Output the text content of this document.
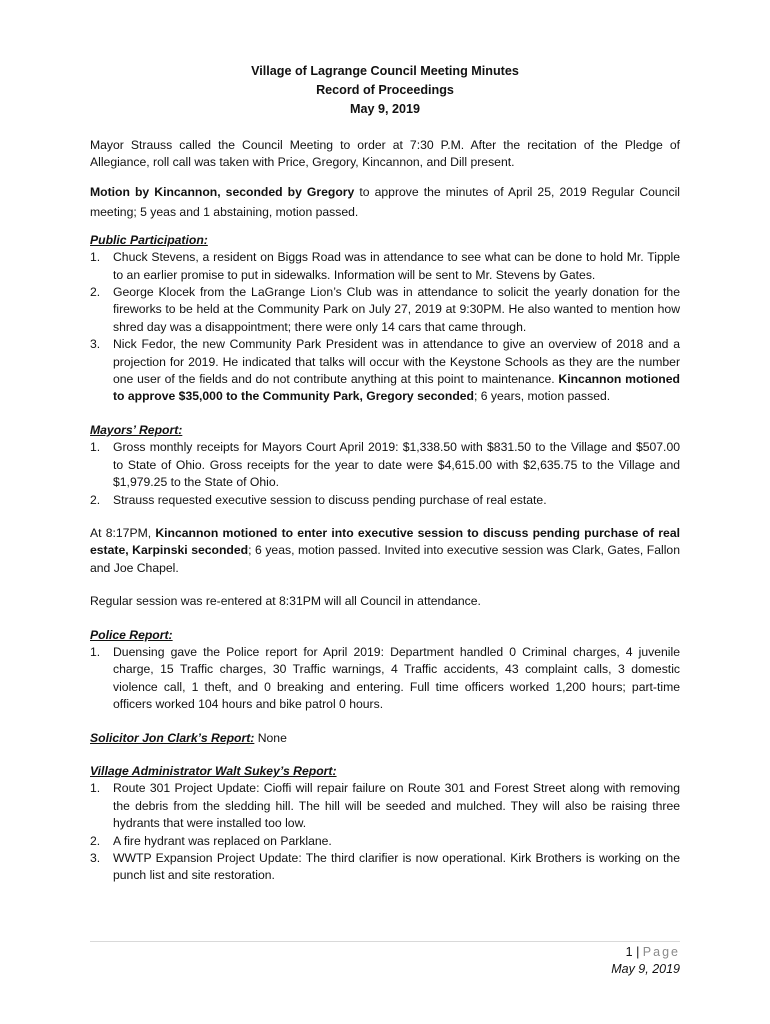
Village of Lagrange Council Meeting Minutes
Record of Proceedings
May 9, 2019

Mayor Strauss called the Council Meeting to order at 7:30 P.M. After the recitation of the Pledge of Allegiance, roll call was taken with Price, Gregory, Kincannon, and Dill present.

Motion by Kincannon, seconded by Gregory to approve the minutes of April 25, 2019 Regular Council meeting; 5 yeas and 1 abstaining, motion passed.

Public Participation:
1. Chuck Stevens, a resident on Biggs Road was in attendance to see what can be done to hold Mr. Tipple to an earlier promise to put in sidewalks. Information will be sent to Mr. Stevens by Gates.
2. George Klocek from the LaGrange Lion’s Club was in attendance to solicit the yearly donation for the fireworks to be held at the Community Park on July 27, 2019 at 9:30PM. He also wanted to mention how shred day was a disappointment; there were only 14 cars that came through.
3. Nick Fedor, the new Community Park President was in attendance to give an overview of 2018 and a projection for 2019. He indicated that talks will occur with the Keystone Schools as they are the number one user of the fields and do not contribute anything at this point to maintenance. Kincannon motioned to approve $35,000 to the Community Park, Gregory seconded; 6 years, motion passed.
Mayors’ Report:
1. Gross monthly receipts for Mayors Court April 2019: $1,338.50 with $831.50 to the Village and $507.00 to State of Ohio. Gross receipts for the year to date were $4,615.00 with $2,635.75 to the Village and $1,979.25 to the State of Ohio.
2. Strauss requested executive session to discuss pending purchase of real estate.

At 8:17PM, Kincannon motioned to enter into executive session to discuss pending purchase of real estate, Karpinski seconded; 6 yeas, motion passed. Invited into executive session was Clark, Gates, Fallon and Joe Chapel.

Regular session was re-entered at 8:31PM will all Council in attendance.

Police Report:
1. Duensing gave the Police report for April 2019: Department handled 0 Criminal charges, 4 juvenile charge, 15 Traffic charges, 30 Traffic warnings, 4 Traffic accidents, 43 complaint calls, 3 domestic violence call, 1 theft, and 0 breaking and entering. Full time officers worked 1,200 hours; part-time officers worked 104 hours and bike patrol 0 hours.

Solicitor Jon Clark’s Report: None

Village Administrator Walt Sukey’s Report:
1. Route 301 Project Update: Cioffi will repair failure on Route 301 and Forest Street along with removing the debris from the sledding hill. The hill will be seeded and mulched. They will also be raising three hydrants that were installed too low.
2. A fire hydrant was replaced on Parklane.
3. WWTP Expansion Project Update: The third clarifier is now operational. Kirk Brothers is working on the punch list and site restoration.
1 | Page
May 9, 2019
